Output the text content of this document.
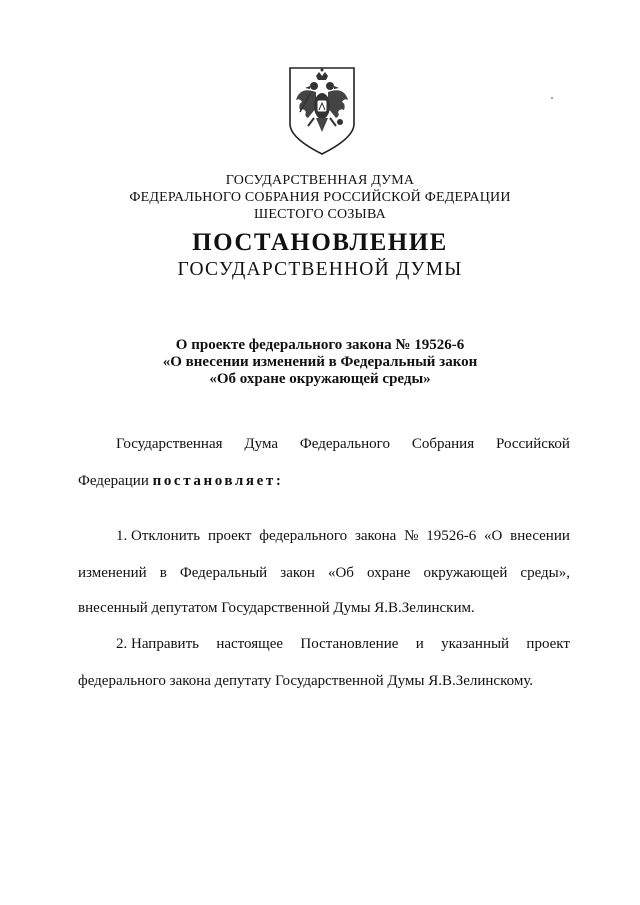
ГОСУДАРСТВЕННАЯ ДУМА

ФЕДЕРАЛЬНОГО СОБРАНИЯ РОССИЙСКОЙ ФЕДЕРАЦИИ

ШЕСТОГО СОЗЫВА

ПОСТАНОВЛЕНИЕ

ГОСУДАРСТВЕННОЙ ДУМЫ

О проекте федерального закона № 19526-6

«О внесении изменений в Федеральный закон

«Об охране окружающей среды»

Государственная Дума Федерального Собрания Российской

Федерации постановляет:

1. Отклонить проект федерального закона № 19526-6 «О внесении
изменений в Федеральный закон «Об охране окружающей среды»,

внесенный депутатом Государственной Думы Я.В.Зелинским.

2. Направить настоящее Постановление и указанный проект

федерального закона депутату Государственной Думы Я.В.Зелинскому.
